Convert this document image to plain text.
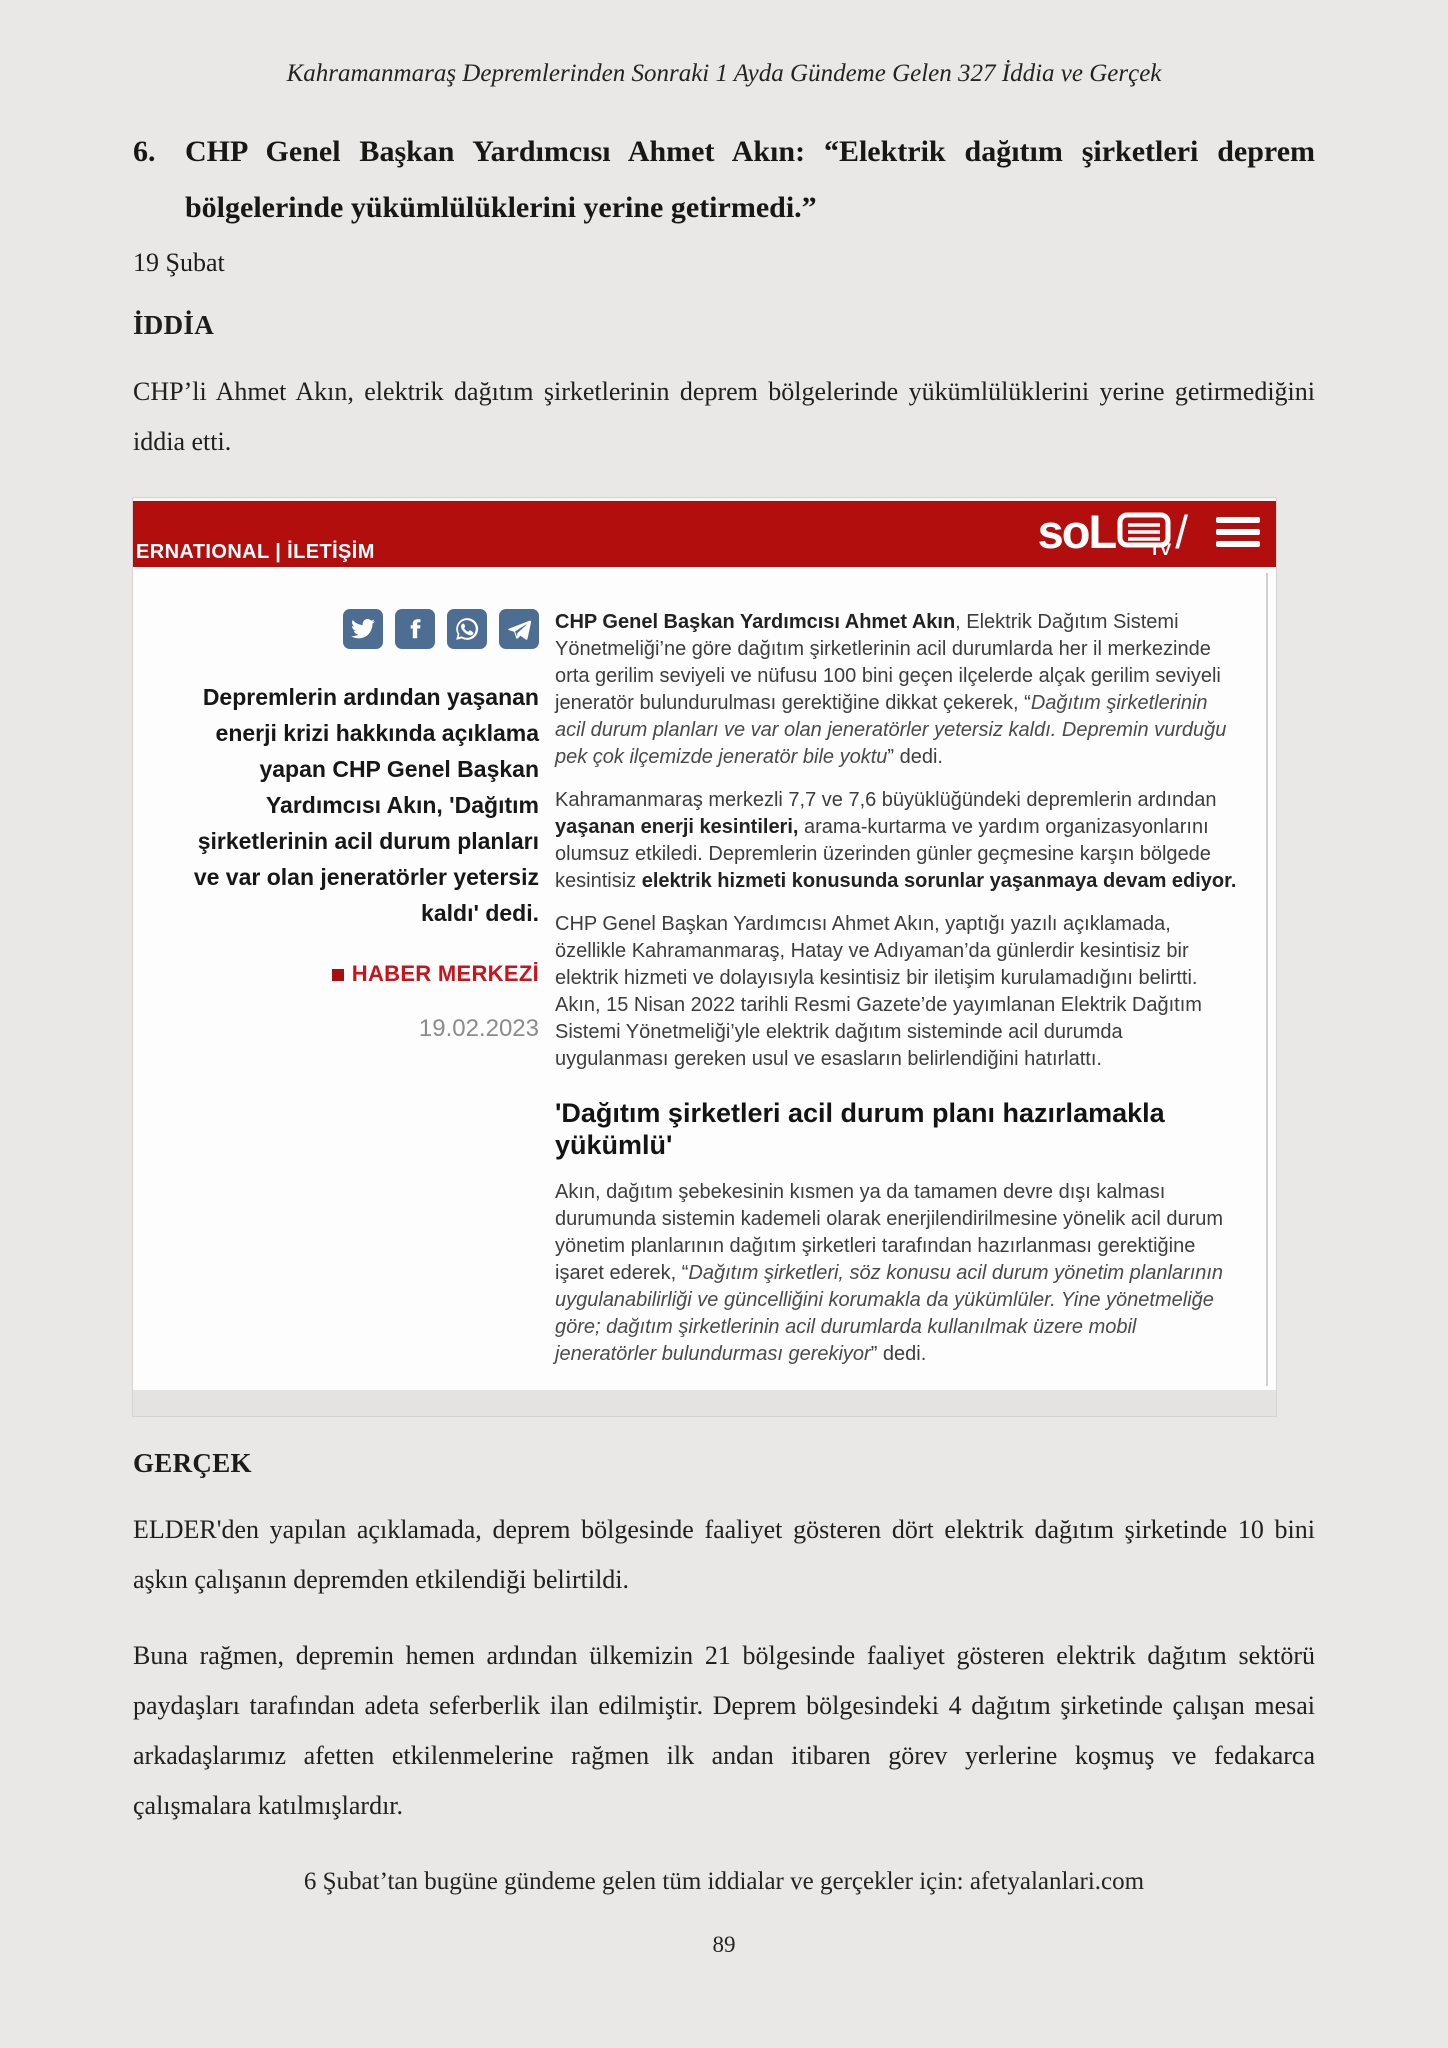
Kahramanmaraş Depremlerinden Sonraki 1 Ayda Gündeme Gelen 327 İddia ve Gerçek
6. CHP Genel Başkan Yardımcısı Ahmet Akın: “Elektrik dağıtım şirketleri deprem bölgelerinde yükümlülüklerini yerine getirmedi.”
19 Şubat
İDDİA

CHP’li Ahmet Akın, elektrik dağıtım şirketlerinin deprem bölgelerinde yükümlülüklerini yerine getirmediğini iddia etti.

ERNATIONAL | İLETİŞİM	soL TV /

Depremlerin ardından yaşanan enerji krizi hakkında açıklama yapan CHP Genel Başkan Yardımcısı Akın, 'Dağıtım şirketlerinin acil durum planları ve var olan jeneratörler yetersiz kaldı' dedi.

HABER MERKEZİ
19.02.2023

CHP Genel Başkan Yardımcısı Ahmet Akın, Elektrik Dağıtım Sistemi Yönetmeliği’ne göre dağıtım şirketlerinin acil durumlarda her il merkezinde orta gerilim seviyeli ve nüfusu 100 bini geçen ilçelerde alçak gerilim seviyeli jeneratör bulundurulması gerektiğine dikkat çekerek, “Dağıtım şirketlerinin acil durum planları ve var olan jeneratörler yetersiz kaldı. Depremin vurduğu pek çok ilçemizde jeneratör bile yoktu” dedi.

Kahramanmaraş merkezli 7,7 ve 7,6 büyüklüğündeki depremlerin ardından yaşanan enerji kesintileri, arama-kurtarma ve yardım organizasyonlarını olumsuz etkiledi. Depremlerin üzerinden günler geçmesine karşın bölgede kesintisiz elektrik hizmeti konusunda sorunlar yaşanmaya devam ediyor.

CHP Genel Başkan Yardımcısı Ahmet Akın, yaptığı yazılı açıklamada, özellikle Kahramanmaraş, Hatay ve Adıyaman’da günlerdir kesintisiz bir elektrik hizmeti ve dolayısıyla kesintisiz bir iletişim kurulamadığını belirtti. Akın, 15 Nisan 2022 tarihli Resmi Gazete’de yayımlanan Elektrik Dağıtım Sistemi Yönetmeliği’yle elektrik dağıtım sisteminde acil durumda uygulanması gereken usul ve esasların belirlendiğini hatırlattı.

'Dağıtım şirketleri acil durum planı hazırlamakla yükümlü'

Akın, dağıtım şebekesinin kısmen ya da tamamen devre dışı kalması durumunda sistemin kademeli olarak enerjilendirilmesine yönelik acil durum yönetim planlarının dağıtım şirketleri tarafından hazırlanması gerektiğine işaret ederek, “Dağıtım şirketleri, söz konusu acil durum yönetim planlarının uygulanabilirliği ve güncelliğini korumakla da yükümlüler. Yine yönetmeliğe göre; dağıtım şirketlerinin acil durumlarda kullanılmak üzere mobil jeneratörler bulundurması gerekiyor” dedi.

GERÇEK

ELDER'den yapılan açıklamada, deprem bölgesinde faaliyet gösteren dört elektrik dağıtım şirketinde 10 bini aşkın çalışanın depremden etkilendiği belirtildi.

Buna rağmen, depremin hemen ardından ülkemizin 21 bölgesinde faaliyet gösteren elektrik dağıtım sektörü paydaşları tarafından adeta seferberlik ilan edilmiştir. Deprem bölgesindeki 4 dağıtım şirketinde çalışan mesai arkadaşlarımız afetten etkilenmelerine rağmen ilk andan itibaren görev yerlerine koşmuş ve fedakarca çalışmalara katılmışlardır.

6 Şubat’tan bugüne gündeme gelen tüm iddialar ve gerçekler için: afetyalanlari.com
89
